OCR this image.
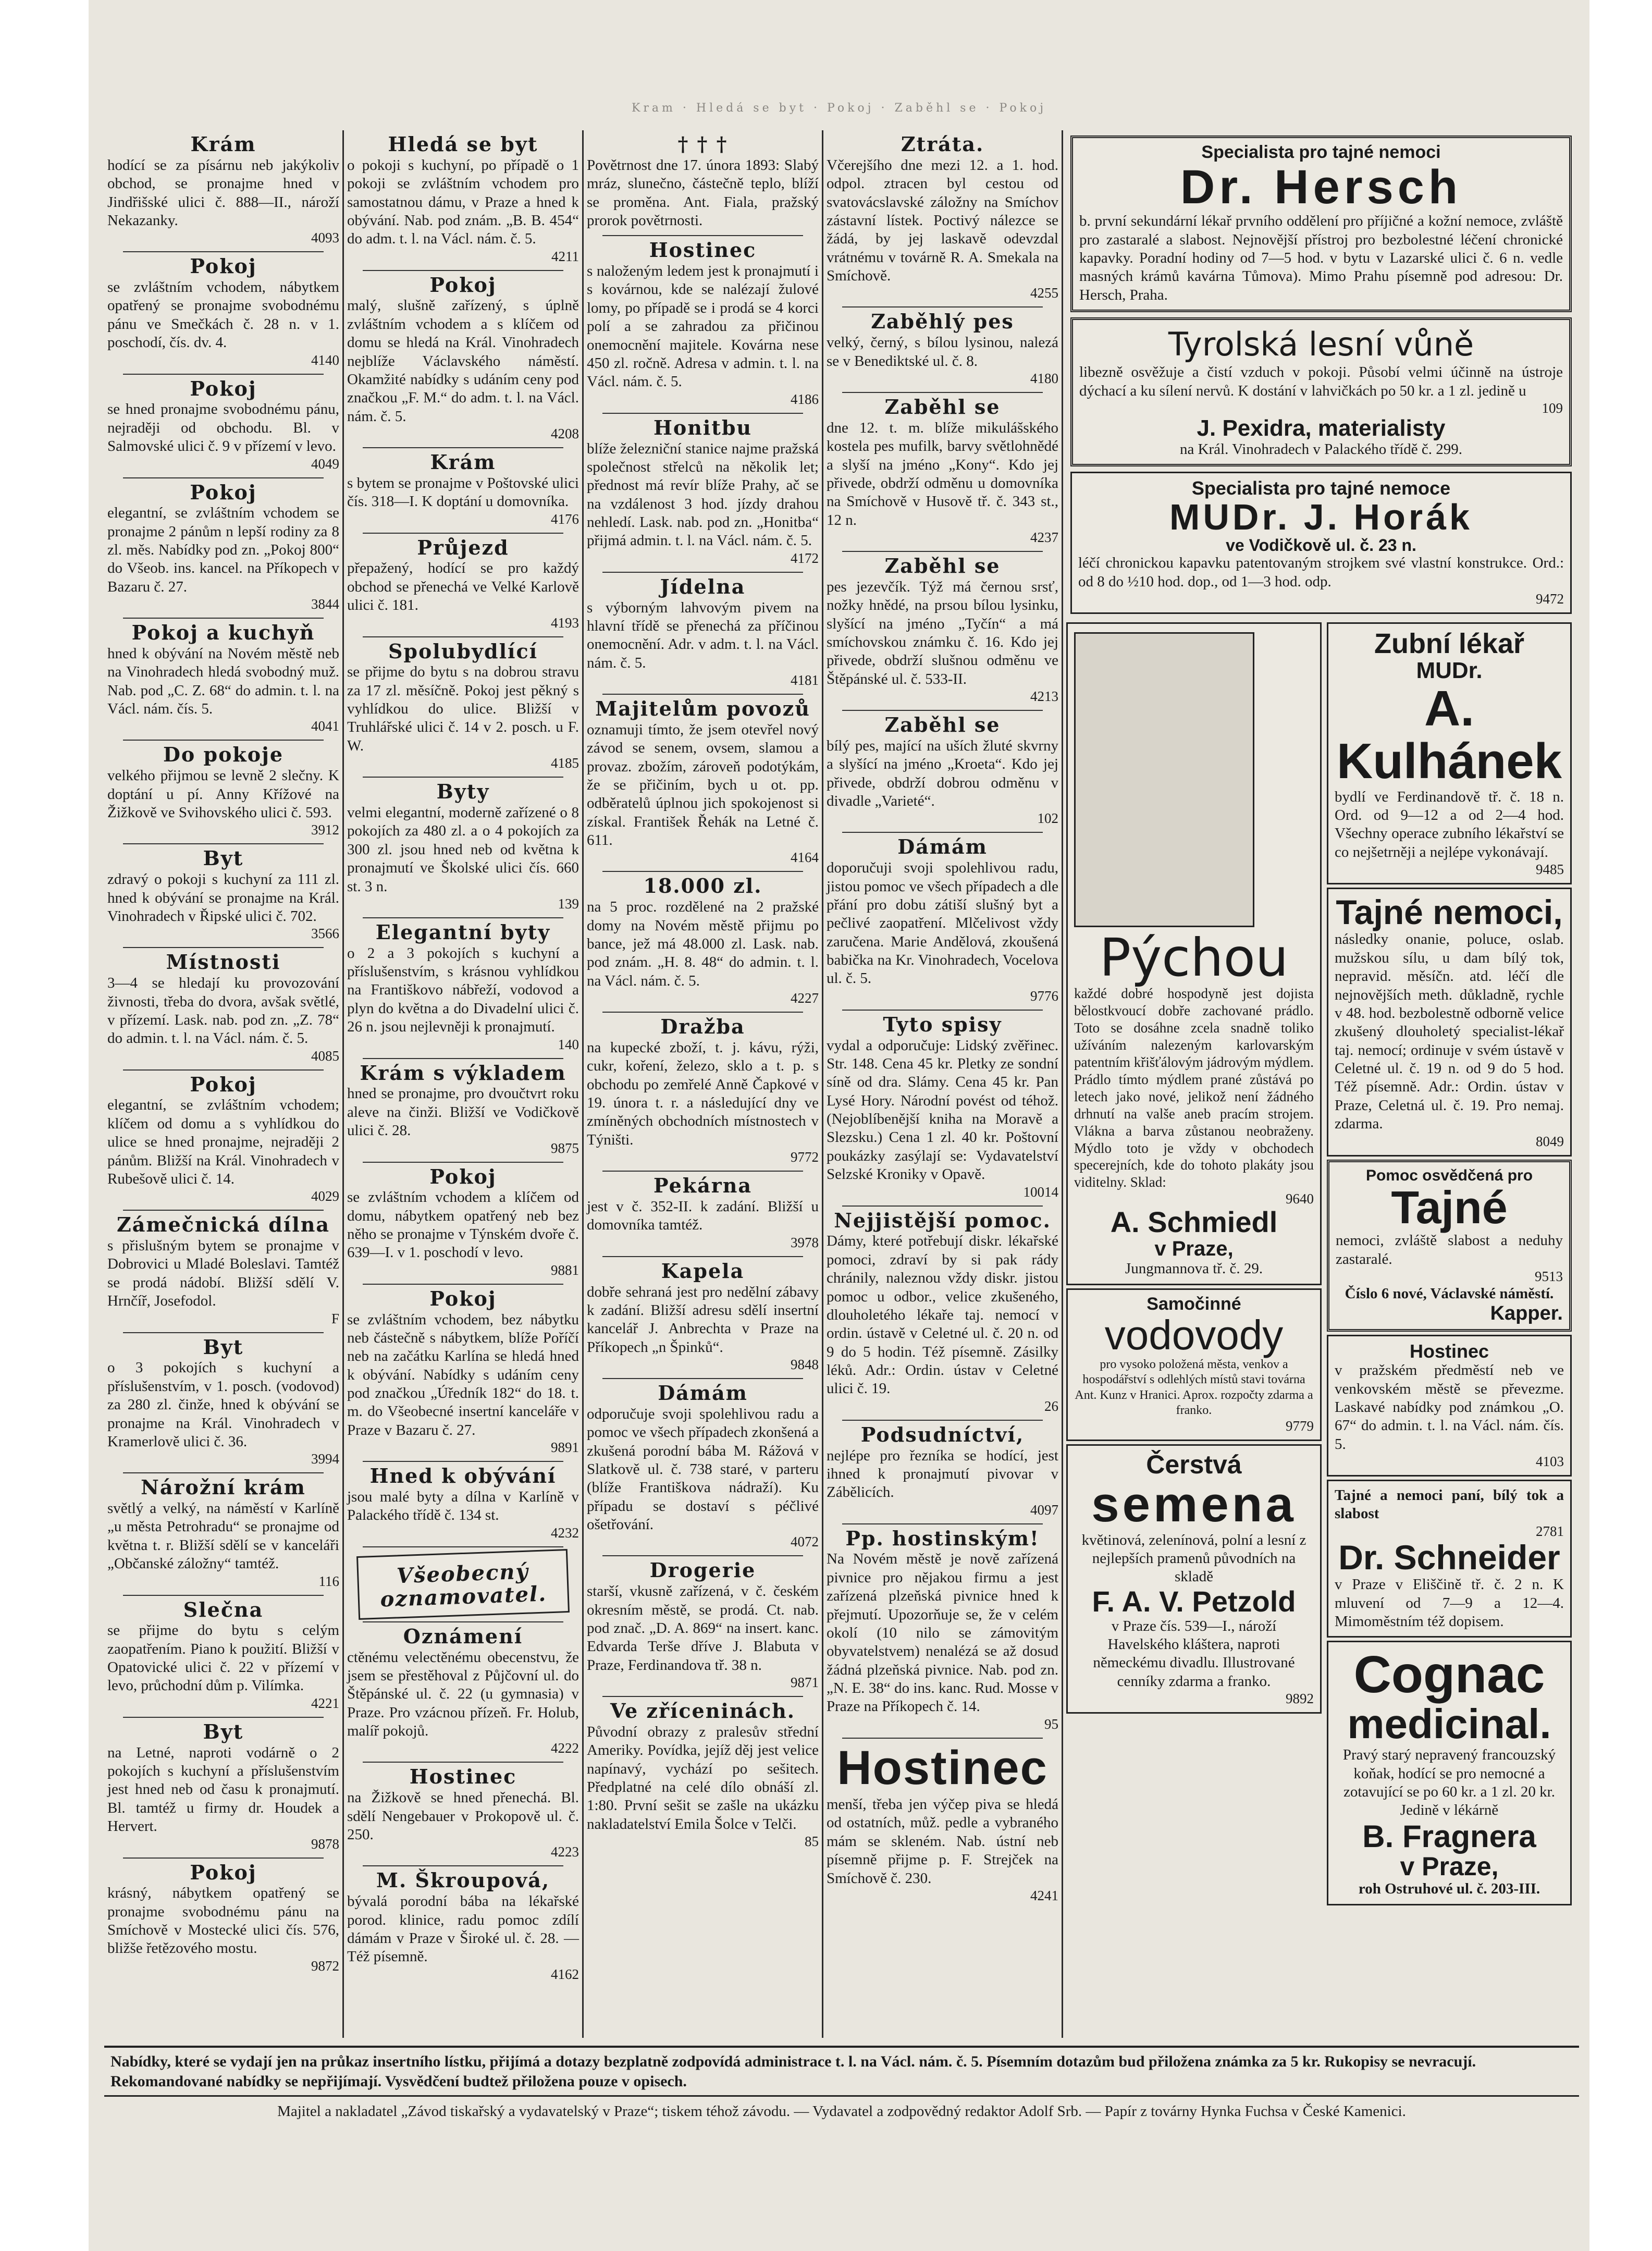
Kram · Hledá se byt · Pokoj · Zaběhl se · Pokoj
Krám
hodící se za písárnu neb jakýkoliv obchod, se pronajme hned v Jindřišské ulici č. 888—II., nároží Nekazanky.
4093
Pokoj
se zvláštním vchodem, nábytkem opatřený se pronajme svobodnému pánu ve Smečkách č. 28 n. v 1. poschodí, čís. dv. 4.
4140
Pokoj
se hned pronajme svobodnému pánu, nejraději od obchodu. Bl. v Salmovské ulici č. 9 v přízemí v levo.
4049
Pokoj
elegantní, se zvláštním vchodem se pronajme 2 pánům n lepší rodiny za 8 zl. měs. Nabídky pod zn. „Pokoj 800“ do Všeob. ins. kancel. na Příkopech v Bazaru č. 27.
3844
Pokoj a kuchyň
hned k obývání na Novém městě neb na Vinohradech hledá svobodný muž. Nab. pod „C. Z. 68“ do admin. t. l. na Václ. nám. čís. 5.
4041
Do pokoje
velkého přijmou se levně 2 slečny. K doptání u pí. Anny Křížové na Žižkově ve Svihovského ulici č. 593.
3912
Byt
zdravý o pokoji s kuchyní za 111 zl. hned k obývání se pronajme na Král. Vinohradech v Řipské ulici č. 702.
3566
Místnosti
3—4 se hledají ku provozování živnosti, třeba do dvora, avšak světlé, v přízemí. Lask. nab. pod zn. „Z. 78“ do admin. t. l. na Václ. nám. č. 5.
4085
Pokoj
elegantní, se zvláštním vchodem; klíčem od domu a s vyhlídkou do ulice se hned pronajme, nejraději 2 pánům. Bližší na Král. Vinohradech v Rubešově ulici č. 14.
4029
Zámečnická dílna
s přislušným bytem se pronajme v Dobrovici u Mladé Boleslavi. Tamtéž se prodá nádobí. Bližší sdělí V. Hrnčíř, Josefodol.
F
Byt
o 3 pokojích s kuchyní a příslušenstvím, v 1. posch. (vodovod) za 280 zl. činže, hned k obývání se pronajme na Král. Vinohradech v Kramerlově ulici č. 36.
3994
Nárožní krám
světlý a velký, na náměstí v Karlíně „u města Petrohradu“ se pronajme od května t. r. Bližší sdělí se v kanceláři „Občanské záložny“ tamtéž.
116
Slečna
se přijme do bytu s celým zaopatřením. Piano k použití. Bližší v Opatovické ulici č. 22 v přízemí v levo, průchodní dům p. Vilímka.
4221
Byt
na Letné, naproti vodárně o 2 pokojích s kuchyní a příslušenstvím jest hned neb od času k pronajmutí. Bl. tamtéž u firmy dr. Houdek a Hervert.
9878
Pokoj
krásný, nábytkem opatřený se pronajme svobodnému pánu na Smíchově v Mostecké ulici čís. 576, bližše řetězového mostu.
9872
Hledá se byt
o pokoji s kuchyní, po případě o 1 pokoji se zvláštním vchodem pro samostatnou dámu, v Praze a hned k obývání. Nab. pod znám. „B. B. 454“ do adm. t. l. na Václ. nám. č. 5.
4211
Pokoj
malý, slušně zařízený, s úplně zvláštním vchodem a s klíčem od domu se hledá na Král. Vinohradech nejblíže Václavského náměstí. Okamžité nabídky s udáním ceny pod značkou „F. M.“ do adm. t. l. na Václ. nám. č. 5.
4208
Krám
s bytem se pronajme v Poštovské ulici čís. 318—I. K doptání u domovníka.
4176
Průjezd
přepažený, hodící se pro každý obchod se přenechá ve Velké Karlově ulici č. 181.
4193
Spolubydlící
se přijme do bytu s na dobrou stravu za 17 zl. měsíčně. Pokoj jest pěkný s vyhlídkou do ulice. Bližší v Truhlářské ulici č. 14 v 2. posch. u F. W.
4185
Byty
velmi elegantní, moderně zařízené o 8 pokojích za 480 zl. a o 4 pokojích za 300 zl. jsou hned neb od května k pronajmutí ve Školské ulici čís. 660 st. 3 n.
139
Elegantní byty
o 2 a 3 pokojích s kuchyní a příslušenstvím, s krásnou vyhlídkou na Františkovo nábřeží, vodovod a plyn do května a do Divadelní ulici č. 26 n. jsou nejlevněji k pronajmutí.
140
Krám s výkladem
hned se pronajme, pro dvoučtvrt roku aleve na činži. Bližší ve Vodičkově ulici č. 28.
9875
Pokoj
se zvláštním vchodem a klíčem od domu, nábytkem opatřený neb bez něho se pronajme v Týnském dvoře č. 639—I. v 1. poschodí v levo.
9881
Pokoj
se zvláštním vchodem, bez nábytku neb částečně s nábytkem, blíže Poříčí neb na začátku Karlína se hledá hned k obývání. Nabídky s udáním ceny pod značkou „Úředník 182“ do 18. t. m. do Všeobecné insertní kanceláře v Praze v Bazaru č. 27.
9891
Hned k obývání
jsou malé byty a dílna v Karlíně v Palackého třídě č. 134 st.
4232
Všeobecný oznamovatel.
Oznámení
ctěnému velectěnému obecenstvu, že jsem se přestěhoval z Půjčovní ul. do Štěpánské ul. č. 22 (u gymnasia) v Praze. Pro vzácnou přízeň. Fr. Holub, malíř pokojů.
4222
Hostinec
na Žižkově se hned přenechá. Bl. sdělí Nengebauer v Prokopově ul. č. 250.
4223
M. Škroupová,
bývalá porodní bába na lékařské porod. klinice, radu pomoc zdílí dámám v Praze v Široké ul. č. 28. — Též písemně.
4162
† † †
Povětrnost dne 17. února 1893: Slabý mráz, slunečno, částečně teplo, blíží se proměna. Ant. Fiala, pražský prorok povětrnosti.
Hostinec
s naloženým ledem jest k pronajmutí i s kovárnou, kde se nalézají žulové lomy, po případě se i prodá se 4 korci polí a se zahradou za přičinou onemocnění majitele. Kovárna nese 450 zl. ročně. Adresa v admin. t. l. na Václ. nám. č. 5.
4186
Honitbu
blíže železniční stanice najme pražská společnost střelců na několik let; přednost má revír blíže Prahy, ač se na vzdálenost 3 hod. jízdy drahou nehledí. Lask. nab. pod zn. „Honitba“ přijmá admin. t. l. na Václ. nám. č. 5.
4172
Jídelna
s výborným lahvovým pivem na hlavní třídě se přenechá za příčinou onemocnění. Adr. v adm. t. l. na Václ. nám. č. 5.
4181
Majitelům povozů
oznamuji tímto, že jsem otevřel nový závod se senem, ovsem, slamou a provaz. zbožím, zároveň podotýkám, že se přičiním, bych u ot. pp. odběratelů úplnou jich spokojenost si získal. František Řehák na Letné č. 611.
4164
18.000 zl.
na 5 proc. rozdělené na 2 pražské domy na Novém městě přijmu po bance, jež má 48.000 zl. Lask. nab. pod znám. „H. 8. 48“ do admin. t. l. na Václ. nám. č. 5.
4227
Dražba
na kupecké zboží, t. j. kávu, rýži, cukr, koření, železo, sklo a t. p. s obchodu po zemřelé Anně Čapkové v 19. února t. r. a následující dny ve zmíněných obchodních místnostech v Týništi.
9772
Pekárna
jest v č. 352-II. k zadání. Bližší u domovníka tamtéž.
3978
Kapela
dobře sehraná jest pro nedělní zábavy k zadání. Bližší adresu sdělí insertní kancelář J. Anbrechta v Praze na Příkopech „n Špinků“.
9848
Dámám
odporučuje svoji spolehlivou radu a pomoc ve všech případech zkonšená a zkušená porodní bába M. Rážová v Slatkově ul. č. 738 staré, v parteru (blíže Františkova nádraží). Ku případu se dostaví s péčlivé ošetřování.
4072
Drogerie
starší, vkusně zařízená, v č. českém okresním městě, se prodá. Ct. nab. pod znač. „D. A. 869“ na insert. kanc. Edvarda Terše dříve J. Blabuta v Praze, Ferdinandova tř. 38 n.
9871
Ve zříceninách.
Původní obrazy z pralesův střední Ameriky. Povídka, jejíž děj jest velice napínavý, vychází po sešitech. Předplatné na celé dílo obnáší zl. 1:80. První sešit se zašle na ukázku nakladatelství Emila Šolce v Telči.
85
Ztráta.
Včerejšího dne mezi 12. a 1. hod. odpol. ztracen byl cestou od svatovácslavské záložny na Smíchov zástavní lístek. Poctivý nálezce se žádá, by jej laskavě odevzdal vrátnému v továrně R. A. Smekala na Smíchově.
4255
Zaběhlý pes
velký, černý, s bílou lysinou, nalezá se v Benediktské ul. č. 8.
4180
Zaběhl se
dne 12. t. m. blíže mikulášského kostela pes mufilk, barvy světlohnědé a slyší na jméno „Kony“. Kdo jej přivede, obdrží odměnu u domovníka na Smíchově v Husově tř. č. 343 st., 12 n.
4237
Zaběhl se
pes jezevčík. Týž má černou srsť, nožky hnědé, na prsou bílou lysinku, slyšící na jméno „Tyčín“ a má smíchovskou známku č. 16. Kdo jej přivede, obdrží slušnou odměnu ve Štěpánské ul. č. 533-II.
4213
Zaběhl se
bílý pes, mající na uších žluté skvrny a slyšící na jméno „Kroeta“. Kdo jej přivede, obdrží dobrou odměnu v divadle „Varieté“.
102
Dámám
doporučuji svoji spolehlivou radu, jistou pomoc ve všech případech a dle přání pro dobu zátiší slušný byt a pečlivé zaopatření. Mlčelivost vždy zaručena. Marie Andělová, zkoušená babička na Kr. Vinohradech, Vocelova ul. č. 5.
9776
Tyto spisy
vydal a odporučuje: Lidský zvěřinec. Str. 148. Cena 45 kr. Pletky ze sondní síně od dra. Slámy. Cena 45 kr. Pan Lysé Hory. Národní povést od téhož. (Nejoblíbenější kniha na Moravě a Slezsku.) Cena 1 zl. 40 kr. Poštovní poukázky zasýlají se: Vydavatelství Selzské Kroniky v Opavě.
10014
Nejjistější pomoc.
Dámy, které potřebují diskr. lékařské pomoci, zdraví by si pak rády chránily, naleznou vždy diskr. jistou pomoc u odbor., velice zkušeného, dlouholetého lékaře taj. nemocí v ordin. ústavě v Celetné ul. č. 20 n. od 9 do 5 hodin. Též písemně. Zásilky léků. Adr.: Ordin. ústav v Celetné ulici č. 19.
26
Podsudníctví,
nejlépe pro řezníka se hodící, jest ihned k pronajmutí pivovar v Zábělicích.
4097
Pp. hostinským!
Na Novém městě je nově zařízená pivnice pro nějakou firmu a jest zařízená plzeňská pivnice hned k přejmutí. Upozorňuje se, že v celém okolí (10 nilo se zámovitým obyvatelstvem) nenalézá se až dosud žádná plzeňská pivnice. Nab. pod zn. „N. E. 38“ do ins. kanc. Rud. Mosse v Praze na Příkopech č. 14.
95
Hostinec
menší, třeba jen výčep piva se hledá od ostatních, můž. pedle a vybraného mám se skleném. Nab. ústní neb písemně přijme p. F. Strejček na Smíchově č. 230.
4241
Specialista pro tajné nemoci
Dr. Hersch
b. první sekundární lékař prvního oddělení pro příjičné a kožní nemoce, zvláště pro zastaralé a slabost. Nejnovější přístroj pro bezbolestné léčení chronické kapavky. Poradní hodiny od 7—5 hod. v bytu v Lazarské ulici č. 6 n. vedle masných krámů kavárna Tůmova). Mimo Prahu písemně pod adresou: Dr. Hersch, Praha.
Tyrolská lesní vůně
libezně osvěžuje a čistí vzduch v pokoji. Působí velmi účinně na ústroje dýchací a ku sílení nervů. K dostání v lahvičkách po 50 kr. a 1 zl. jedině u
109
J. Pexidra, materialisty
na Král. Vinohradech v Palackého třídě č. 299.
Specialista pro tajné nemoce
MUDr. J. Horák
ve Vodičkově ul. č. 23 n.
léčí chronickou kapavku patentovaným strojkem své vlastní konstrukce. Ord.: od 8 do ½10 hod. dop., od 1—3 hod. odp.
9472
Pýchou
každé dobré hospodyně jest dojista bělostkvoucí dobře zachované prádlo. Toto se dosáhne zcela snadně toliko užíváním nalezeným karlovarským patentním křišťálovým jádrovým mýdlem. Prádlo tímto mýdlem prané zůstává po letech jako nové, jelikož není žádného drhnutí na valše aneb pracím strojem. Vláknа a barva zůstanou neobraženy. Mýdlo toto je vždy v obchodech specerejních, kde do tohoto plakáty jsou viditelny. Sklad:
9640
A. Schmiedl
v Praze,
Jungmannova tř. č. 29.
Samočinné
vodovody
pro vysoko položená města, venkov a hospodářství s odlehlých místů stavi továrna Ant. Kunz v Hranici. Aprox. rozpočty zdarma a franko.
9779
Čerstvá
semena
květinová, zelenínová, polní a lesní z nejlepších pramenů původních na skladě
F. A. V. Petzold
v Praze čís. 539—I., nároží Havelského kláštera, naproti německému divadlu. Illustrované cenníky zdarma a franko.
9892
Zubní lékař
MUDr.
A. Kulhánek
bydlí ve Ferdinandově tř. č. 18 n. Ord. od 9—12 a od 2—4 hod. Všechny operace zubního lékařství se co nejšetrněji a nejlépe vykonávají.
9485
Tajné nemoci,
následky onanie, poluce, oslab. mužskou sílu, u dam bílý tok, nepravid. měsíčn. atd. léčí dle nejnovějších meth. důkladně, rychle v 48. hod. bezbolestně odborně velice zkušený dlouholetý specialist-lékař taj. nemocí; ordinuje v svém ústavě v Celetné ul. č. 19 n. od 9 do 5 hod. Též písemně. Adr.: Ordin. ústav v Praze, Celetná ul. č. 19. Pro nemaj. zdarma.
8049
Pomoc osvědčená pro
Tajné
nemoci, zvláště slabost a neduhy zastaralé.
9513
Číslo 6 nové, Václavské náměstí.
Kapper.
Hostinec
v pražském předměstí neb ve venkovském městě se převezme. Laskavé nabídky pod známkou „O. 67“ do admin. t. l. na Václ. nám. čís. 5.
4103
Tajné a nemoci paní, bílý tok a slabost
2781
Dr. Schneider
v Praze v Eliščině tř. č. 2 n. K mluvení od 7—9 a 12—4. Mimoměstním též dopisem.
Cognac
medicinal.
Pravý starý nepravený francouzský koňak, hodící se pro nemocné a zotavující se po 60 kr. a 1 zl. 20 kr. Jedině v lékárně
B. Fragnera
v Praze,
roh Ostruhové ul. č. 203-III.
Nabídky, které se vydají jen na průkaz insertního lístku, přijímá a dotazy bezplatně zodpovídá administrace t. l. na Václ. nám. č. 5. Písemním dotazům bud přiložena známka za 5 kr. Rukopisy se nevracují. Rekomandované nabídky se nepřijímají. Vysvědčení budtež přiložena pouze v opisech.
Majitel a nakladatel „Závod tiskařský a vydavatelský v Praze“; tiskem téhož závodu. — Vydavatel a zodpovědný redaktor Adolf Srb. — Papír z továrny Hynka Fuchsa v České Kamenici.
